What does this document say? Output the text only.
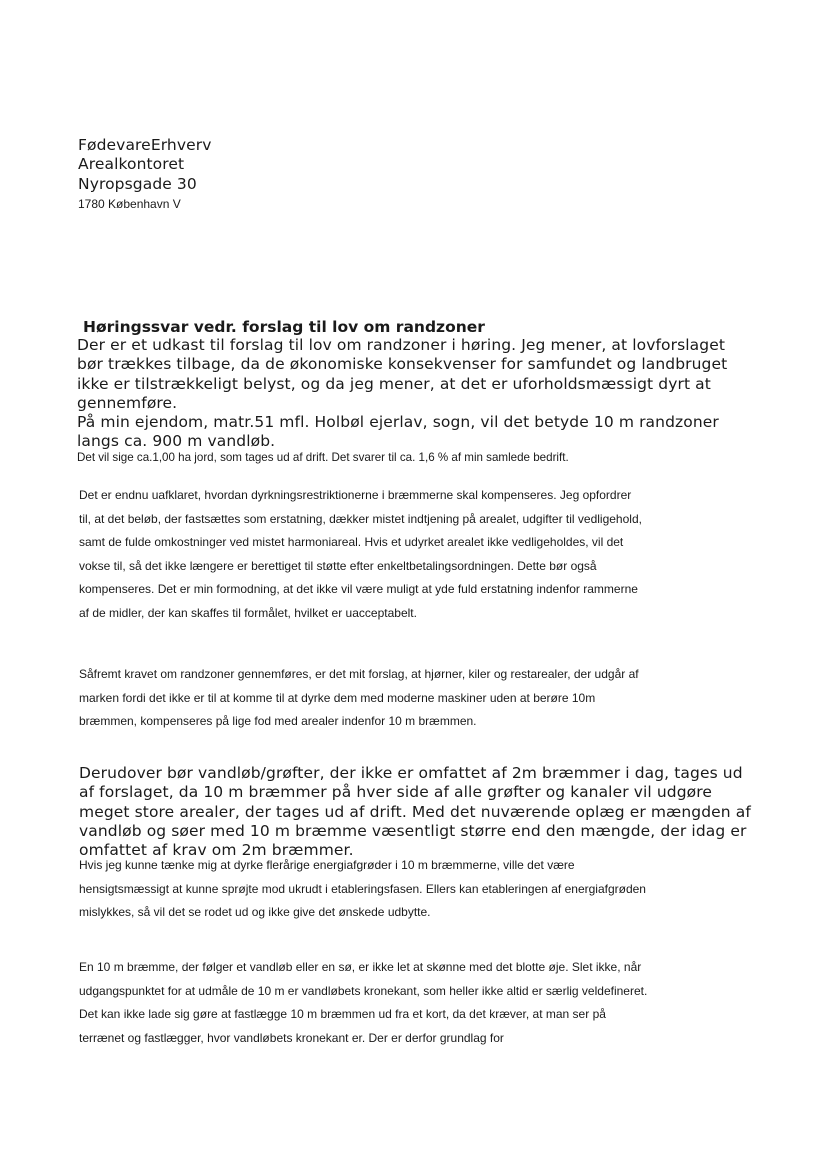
FødevareErhverv
Arealkontoret
Nyropsgade 30
1780 København V
Høringssvar vedr. forslag til lov om randzoner
Der er et udkast til forslag til lov om randzoner i høring. Jeg mener, at lovforslaget
bør trækkes tilbage, da de økonomiske konsekvenser for samfundet og landbruget
ikke er tilstrækkeligt belyst, og da jeg mener, at det er uforholdsmæssigt dyrt at
gennemføre.
På min ejendom, matr.51 mfl. Holbøl ejerlav, sogn, vil det betyde 10 m randzoner
langs ca. 900 m vandløb.
Det vil sige ca.1,00 ha jord, som tages ud af drift. Det svarer til ca. 1,6 % af min samlede bedrift.
Det er endnu uafklaret, hvordan dyrkningsrestriktionerne i bræmmerne skal kompenseres. Jeg opfordrer
til, at det beløb, der fastsættes som erstatning, dækker mistet indtjening på arealet, udgifter til vedligehold,
samt de fulde omkostninger ved mistet harmoniareal. Hvis et udyrket arealet ikke vedligeholdes, vil det
vokse til, så det ikke længere er berettiget til støtte efter enkeltbetalingsordningen. Dette bør også
kompenseres. Det er min formodning, at det ikke vil være muligt at yde fuld erstatning indenfor rammerne
af de midler, der kan skaffes til formålet, hvilket er uacceptabelt.
Såfremt kravet om randzoner gennemføres, er det mit forslag, at hjørner, kiler og restarealer, der udgår af
marken fordi det ikke er til at komme til at dyrke dem med moderne maskiner uden at berøre 10m
bræmmen, kompenseres på lige fod med arealer indenfor 10 m bræmmen.
Derudover bør vandløb/grøfter, der ikke er omfattet af 2m bræmmer i dag, tages ud
af forslaget, da 10 m bræmmer på hver side af alle grøfter og kanaler vil udgøre
meget store arealer, der tages ud af drift. Med det nuværende oplæg er mængden af
vandløb og søer med 10 m bræmme væsentligt større end den mængde, der idag er
omfattet af krav om 2m bræmmer.
Hvis jeg kunne tænke mig at dyrke flerårige energiafgrøder i 10 m bræmmerne, ville det være
hensigtsmæssigt at kunne sprøjte mod ukrudt i etableringsfasen. Ellers kan etableringen af energiafgrøden
mislykkes, så vil det se rodet ud og ikke give det ønskede udbytte.
En 10 m bræmme, der følger et vandløb eller en sø, er ikke let at skønne med det blotte øje. Slet ikke, når
udgangspunktet for at udmåle de 10 m er vandløbets kronekant, som heller ikke altid er særlig veldefineret.
Det kan ikke lade sig gøre at fastlægge 10 m bræmmen ud fra et kort, da det kræver, at man ser på
terrænet og fastlægger, hvor vandløbets kronekant er. Der er derfor grundlag for
